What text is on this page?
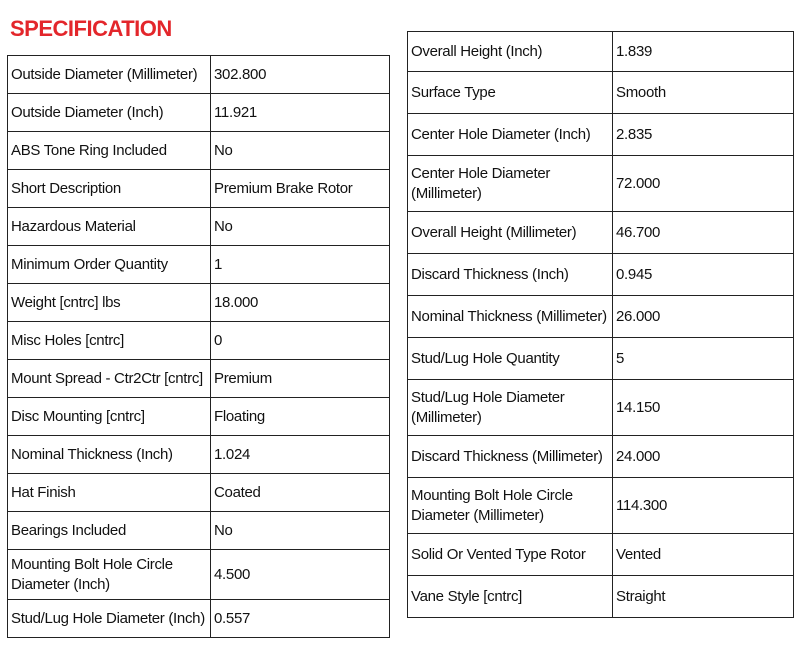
SPECIFICATION
Outside Diameter (Millimeter)	302.800
Outside Diameter (Inch)	11.921
ABS Tone Ring Included	No
Short Description	Premium Brake Rotor
Hazardous Material	No
Minimum Order Quantity	1
Weight [cntrc] lbs	18.000
Misc Holes [cntrc]	0
Mount Spread - Ctr2Ctr [cntrc]	Premium
Disc Mounting [cntrc]	Floating
Nominal Thickness (Inch)	1.024
Hat Finish	Coated
Bearings Included	No
Mounting Bolt Hole Circle Diameter (Inch)	4.500
Stud/Lug Hole Diameter (Inch)	0.557
Overall Height (Inch)	1.839
Surface Type	Smooth
Center Hole Diameter (Inch)	2.835
Center Hole Diameter (Millimeter)	72.000
Overall Height (Millimeter)	46.700
Discard Thickness (Inch)	0.945
Nominal Thickness (Millimeter)	26.000
Stud/Lug Hole Quantity	5
Stud/Lug Hole Diameter (Millimeter)	14.150
Discard Thickness (Millimeter)	24.000
Mounting Bolt Hole Circle Diameter (Millimeter)	114.300
Solid Or Vented Type Rotor	Vented
Vane Style [cntrc]	Straight
